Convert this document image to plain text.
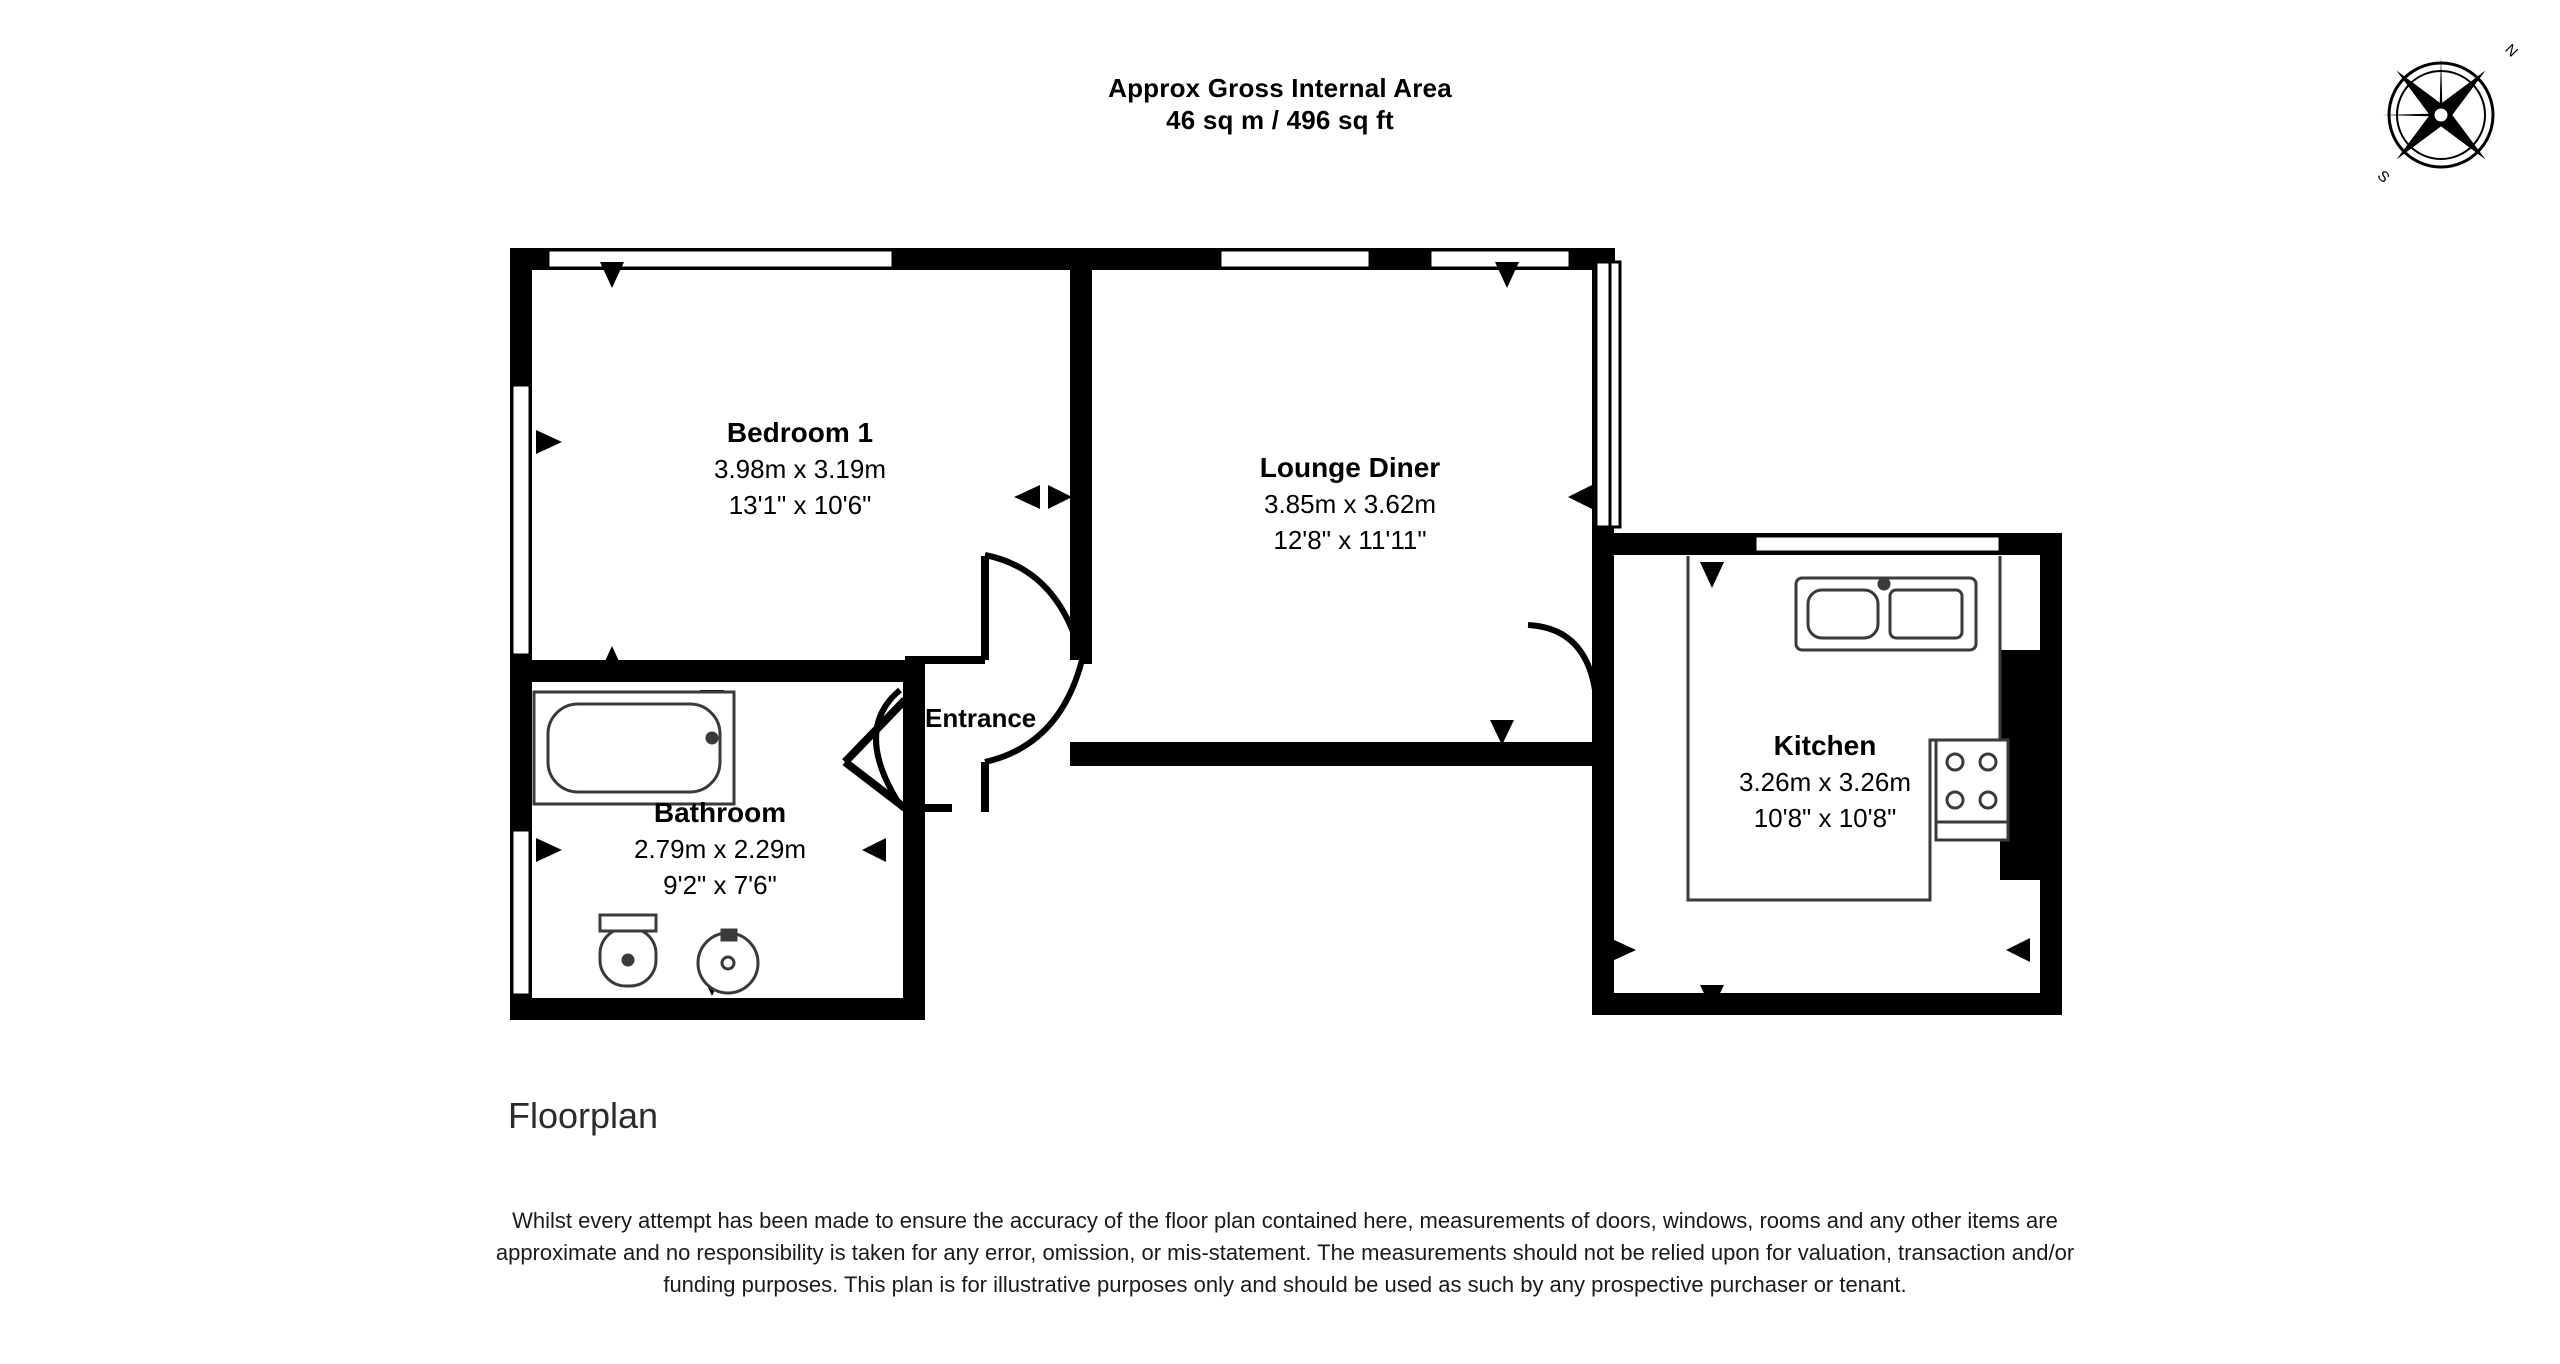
Approx Gross Internal Area
46 sq m / 496 sq ft
N
S
Bedroom 1
3.98m x 3.19m
13'1" x 10'6"
Lounge Diner
3.85m x 3.62m
12'8" x 11'11"
Kitchen
3.26m x 3.26m
10'8" x 10'8"
Bathroom
2.79m x 2.29m
9'2" x 7'6"
Entrance
Floorplan
Whilst every attempt has been made to ensure the accuracy of the floor plan contained here, measurements of doors, windows, rooms and any other items are approximate and no responsibility is taken for any error, omission, or mis-statement. The measurements should not be relied upon for valuation, transaction and/or funding purposes. This plan is for illustrative purposes only and should be used as such by any prospective purchaser or tenant.
